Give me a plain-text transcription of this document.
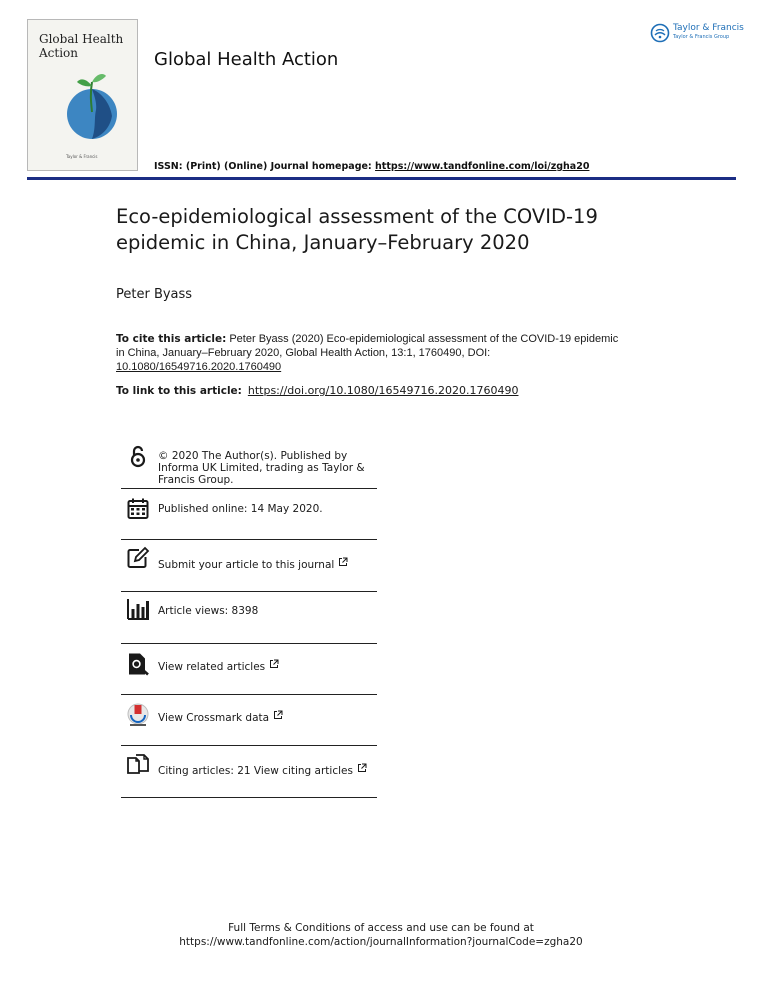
Global Health Action
Taylor & Francis
Global Health Action
Taylor & Francis
Taylor & Francis Group
ISSN: (Print) (Online) Journal homepage: https://www.tandfonline.com/loi/zgha20
Eco-epidemiological assessment of the COVID-19 epidemic in China, January–February 2020
Peter Byass
To cite this article: Peter Byass (2020) Eco-epidemiological assessment of the COVID-19 epidemic in China, January–February 2020, Global Health Action, 13:1, 1760490, DOI:
10.1080/16549716.2020.1760490
To link to this article: https://doi.org/10.1080/16549716.2020.1760490
© 2020 The Author(s). Published by Informa UK Limited, trading as Taylor & Francis Group.
Published online: 14 May 2020.
Submit your article to this journal
Article views: 8398
View related articles
View Crossmark data
Citing articles: 21 View citing articles
Full Terms & Conditions of access and use can be found at
https://www.tandfonline.com/action/journalInformation?journalCode=zgha20
